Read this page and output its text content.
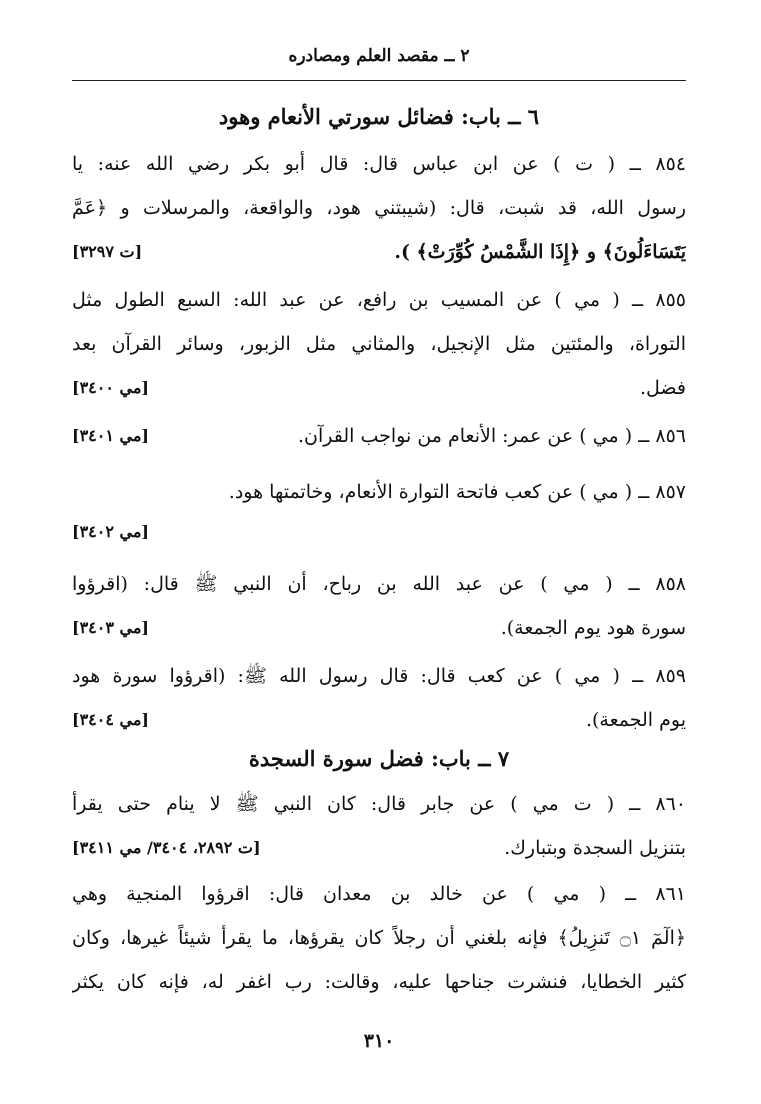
٢ ــ مقصد العلم ومصادره
٦ ــ باب: فضائل سورتي الأنعام وهود
٨٥٤ ــ ( ت ) عن ابن عباس قال: قال أبو بكر رضي الله عنه: يا
رسول الله، قد شبت، قال: (شيبتني هود، والواقعة، والمرسلات و ﴿عَمَّ
يَتَسَاءَلُونَ﴾ و ﴿إِذَا الشَّمْسُ كُوِّرَتْ﴾ ).
[ت ٣٢٩٧]
٨٥٥ ــ ( مي ) عن المسيب بن رافع، عن عبد الله: السبع الطول مثل
التوراة، والمئتين مثل الإنجيل، والمثاني مثل الزبور، وسائر القرآن بعد
فضل.
[مي ٣٤٠٠]
٨٥٦ ــ ( مي ) عن عمر: الأنعام من نواجب القرآن.
[مي ٣٤٠١]
٨٥٧ ــ ( مي ) عن كعب فاتحة التوارة الأنعام، وخاتمتها هود.
[مي ٣٤٠٢]
٨٥٨ ــ ( مي ) عن عبد الله بن رباح، أن النبي ﷺ قال: (اقرؤوا
سورة هود يوم الجمعة).
[مي ٣٤٠٣]
٨٥٩ ــ ( مي ) عن كعب قال: قال رسول الله ﷺ: (اقرؤوا سورة هود
يوم الجمعة).
[مي ٣٤٠٤]
٧ ــ باب: فضل سورة السجدة
٨٦٠ ــ ( ت مي ) عن جابر قال: كان النبي ﷺ لا ينام حتى يقرأ
بتنزيل السجدة وبتبارك.
[ت ٢٨٩٢، ٣٤٠٤/ مي ٣٤١١]
٨٦١ ــ ( مي ) عن خالد بن معدان قال: اقرؤوا المنجية وهي
﴿الٓمٓ ۝١ تَنزِيلُ﴾ فإنه بلغني أن رجلاً كان يقرؤها، ما يقرأ شيئاً غيرها، وكان
كثير الخطايا، فنشرت جناحها عليه، وقالت: رب اغفر له، فإنه كان يكثر
٣١٠
